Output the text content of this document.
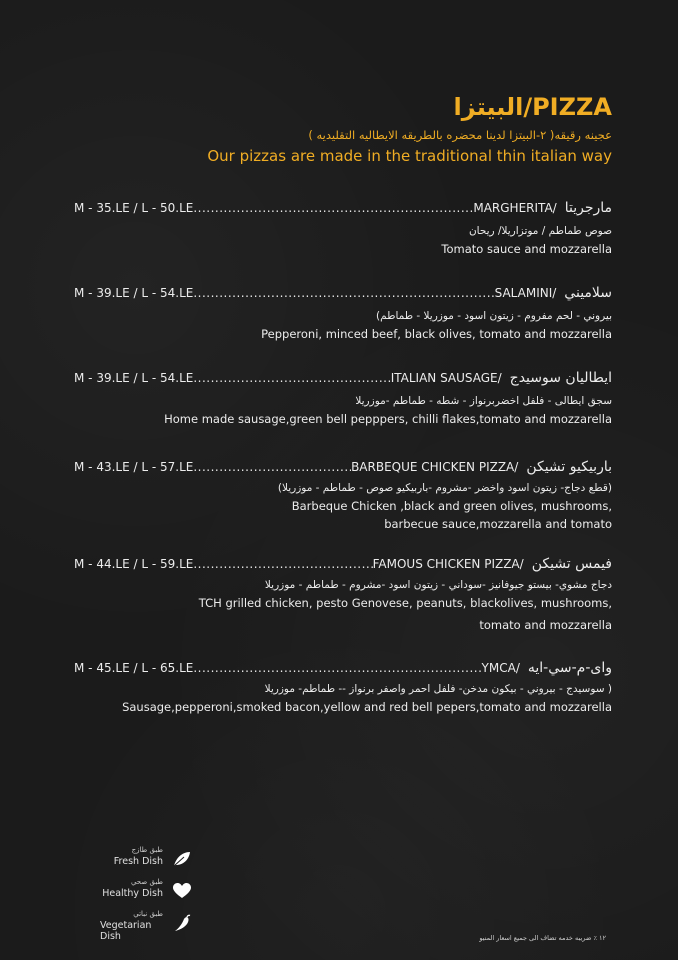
البيتزا/PIZZA
( ٢-البيتزا لدينا محضره بالطريقه الايطاليه التقليديه )عجينه رقيقه
Our pizzas are made in the traditional thin italian way
M - 35.LE / L - 50.LE .....	MARGHERITA/ مارجريتا
صوص طماطم / موتزاريلا/ ريحان
Tomato sauce and mozzarella
M - 39.LE / L - 54.LE .....	SALAMINI/ سلاميني
(بيروني - لحم مفروم - زيتون اسود - موزريلا - طماطم
Pepperoni, minced beef, black olives, tomato and mozzarella
M - 39.LE / L - 54.LE .....	ITALIAN SAUSAGE/ ايطاليان سوسيدج
سجق ايطالى - فلفل اخضربرنواز - شطه - طماطم -موزريلا
Home made sausage,green bell pepppers, chilli flakes,tomato and mozzarella
M - 43.LE / L - 57.LE .....	BARBEQUE CHICKEN PIZZA/ باربيكيو تشيكن
(قطع دجاج- زيتون اسود واخضر -مشروم -باربيكيو صوص - طماطم - موزريلا)
Barbeque Chicken ,black and green olives, mushrooms,
barbecue sauce,mozzarella and tomato
M - 44.LE / L - 59.LE .....	FAMOUS CHICKEN PIZZA/ فيمس تشيكن
دجاج مشوي- بيستو جيوفانيز -سوداني - زيتون اسود -مشروم - طماطم - موزريلا
TCH grilled chicken, pesto Genovese, peanuts, blackolives, mushrooms,
tomato and mozzarella
M - 45.LE / L - 65.LE .....	YMCA/ واى-م-سي-ايه
سوسيدج - بيروني - بيكون مدخن- فلفل احمر واصفر برنواز -- طماطم- موزريلا )
Sausage,pepperoni,smoked bacon,yellow and red bell pepers,tomato and mozzarella
طبق طازج
Fresh Dish
طبق صحي
Healthy Dish
طبق نباتي
Vegetarian Dish	١٢ ٪ ضريبه خدمه تضاف الى جميع اسعار المنيو
